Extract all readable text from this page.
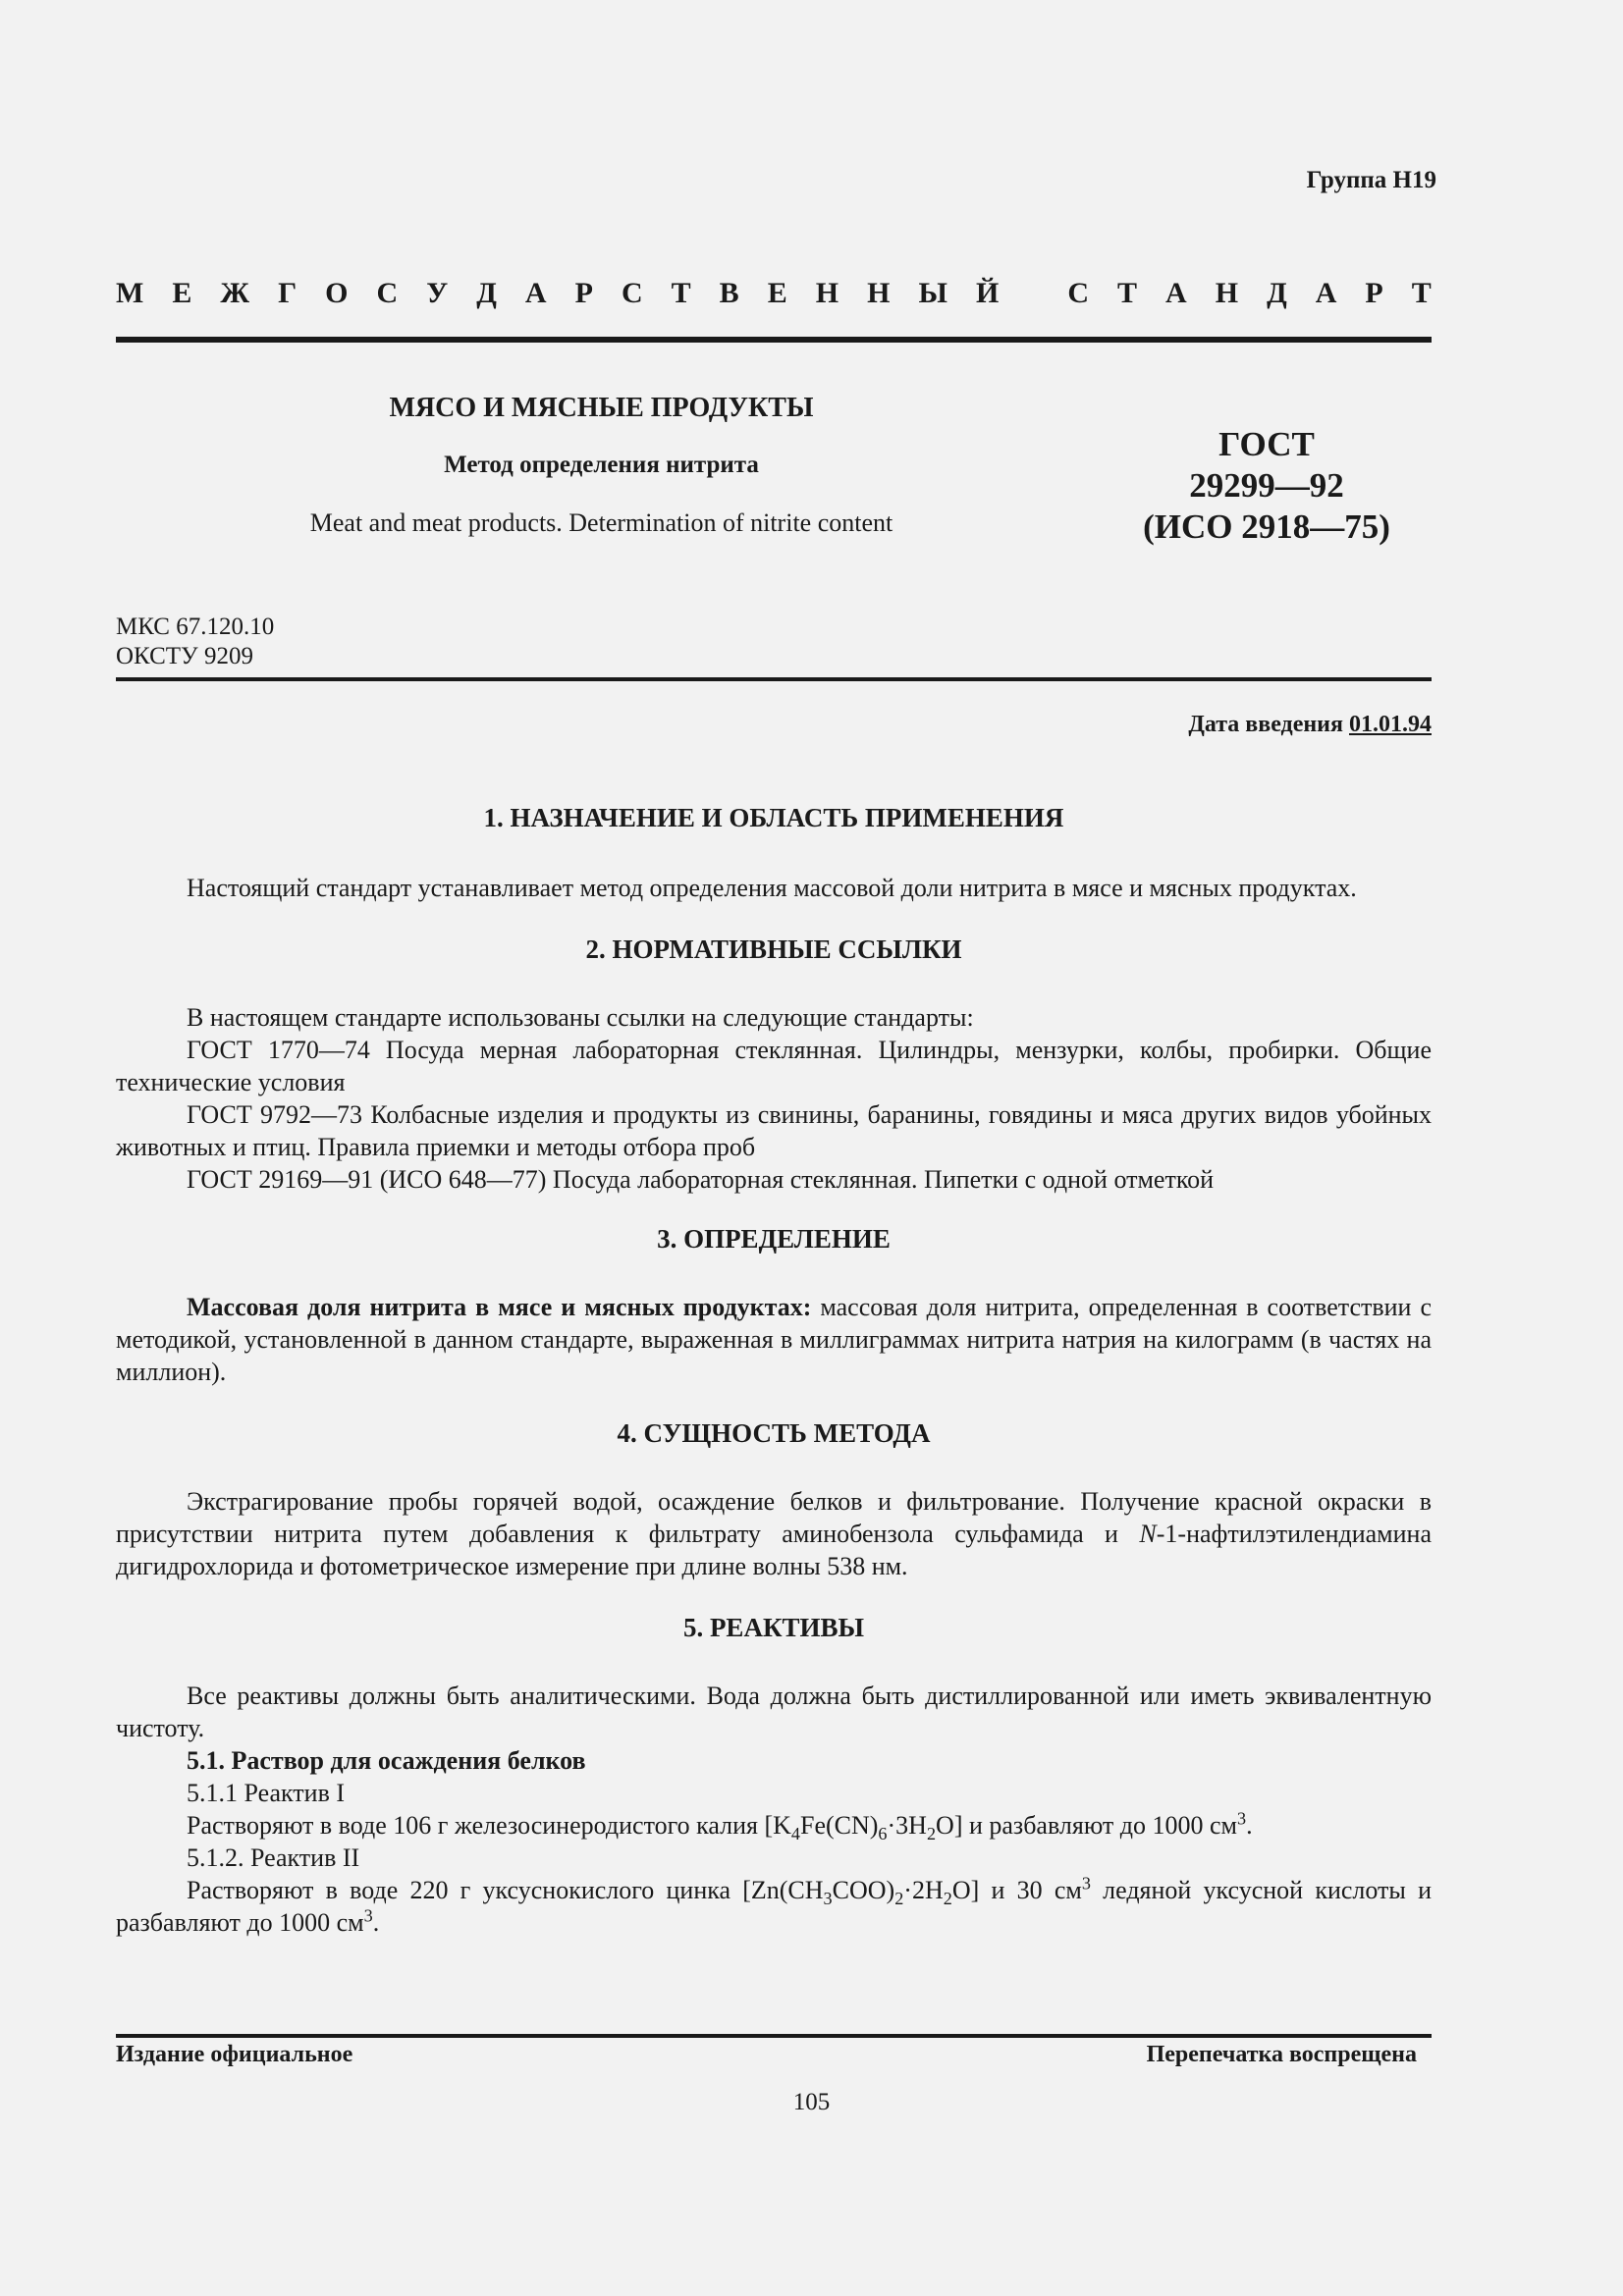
Группа Н19
М Е Ж Г О С У Д А Р С Т В Е Н Н Ы Й С Т А Н Д А Р Т
МЯСО И МЯСНЫЕ ПРОДУКТЫ
Метод определения нитрита
Meat and meat products. Determination of nitrite content
ГОСТ
29299—92
(ИСО 2918—75)
МКС 67.120.10
ОКСТУ 9209
Дата введения 01.01.94
1. НАЗНАЧЕНИЕ И ОБЛАСТЬ ПРИМЕНЕНИЯ

Настоящий стандарт устанавливает метод определения массовой доли нитрита в мясе и мясных продуктах.

2. НОРМАТИВНЫЕ ССЫЛКИ

В настоящем стандарте использованы ссылки на следующие стандарты:

ГОСТ 1770—74 Посуда мерная лабораторная стеклянная. Цилиндры, мензурки, колбы, пробирки. Общие технические условия

ГОСТ 9792—73 Колбасные изделия и продукты из свинины, баранины, говядины и мяса других видов убойных животных и птиц. Правила приемки и методы отбора проб

ГОСТ 29169—91 (ИСО 648—77) Посуда лабораторная стеклянная. Пипетки с одной отметкой

3. ОПРЕДЕЛЕНИЕ

Массовая доля нитрита в мясе и мясных продуктах: массовая доля нитрита, определенная в соответствии с методикой, установленной в данном стандарте, выраженная в миллиграммах нитрита натрия на килограмм (в частях на миллион).

4. СУЩНОСТЬ МЕТОДА

Экстрагирование пробы горячей водой, осаждение белков и фильтрование. Получение красной окраски в присутствии нитрита путем добавления к фильтрату аминобензола сульфамида и N-1-нафтилэтилендиамина дигидрохлорида и фотометрическое измерение при длине волны 538 нм.

5. РЕАКТИВЫ

Все реактивы должны быть аналитическими. Вода должна быть дистиллированной или иметь эквивалентную чистоту.

5.1. Раствор для осаждения белков

5.1.1 Реактив I

Растворяют в воде 106 г железосинеродистого калия $[K_4Fe(CN)_6\cdot 3H_2O]$ и разбавляют до 1000 $см^3$.

5.1.2. Реактив II

Растворяют в воде 220 г уксуснокислого цинка $[Zn(CH_3COO)_2\cdot 2H_2O]$ и 30 $см^3$ ледяной уксусной кислоты и разбавляют до 1000 $см^3$.

Издание официальное	Перепечатка воспрещена
105
